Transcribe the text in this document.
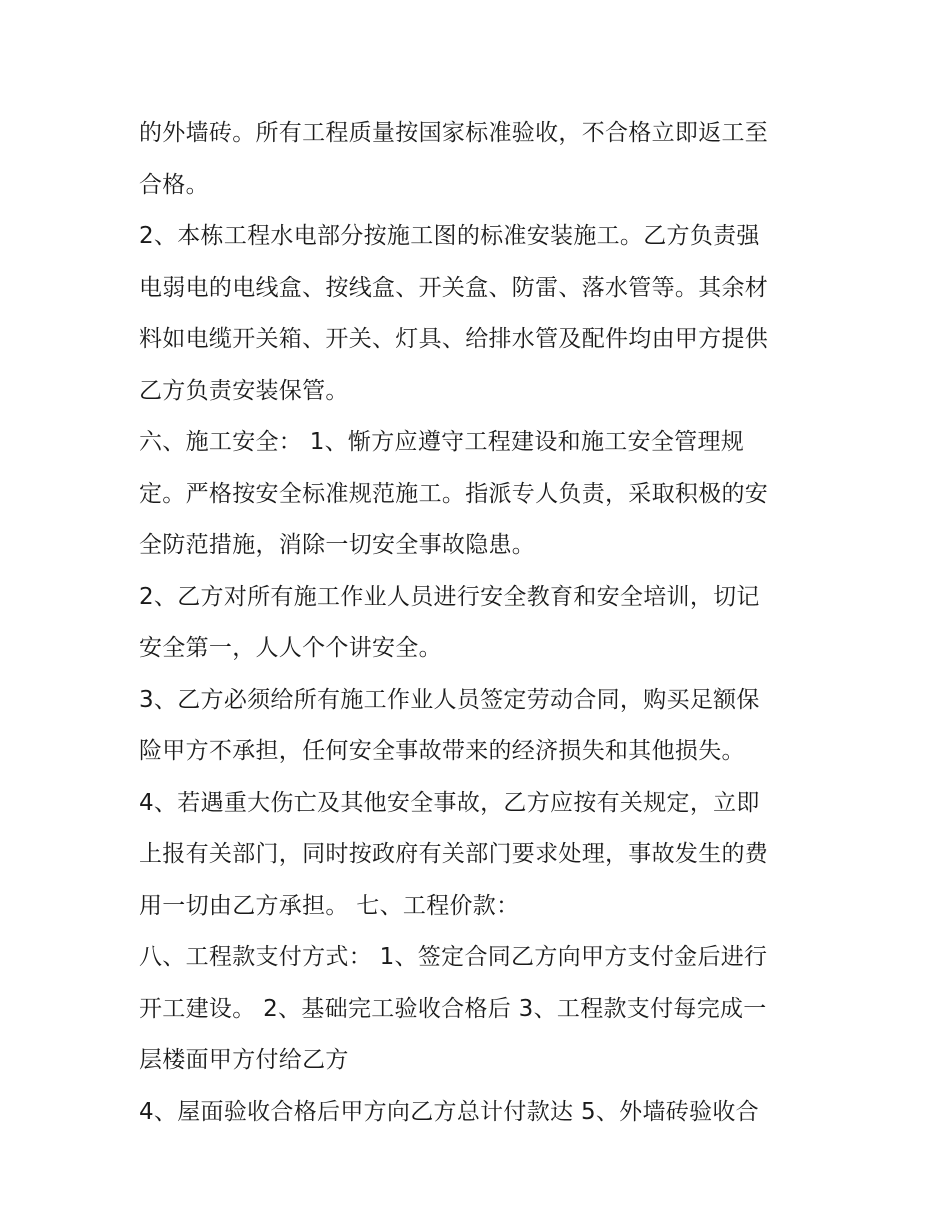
的外墙砖。所有工程质量按国家标准验收，不合格立即返工至
合格。
2、本栋工程水电部分按施工图的标准安装施工。乙方负责强
电弱电的电线盒、按线盒、开关盒、防雷、落水管等。其余材
料如电缆开关箱、开关、灯具、给排水管及配件均由甲方提供
乙方负责安装保管。
六、施工安全： 1、惭方应遵守工程建设和施工安全管理规
定。严格按安全标准规范施工。指派专人负责，采取积极的安
全防范措施，消除一切安全事故隐患。
2、乙方对所有施工作业人员进行安全教育和安全培训，切记
安全第一，人人个个讲安全。
3、乙方必须给所有施工作业人员签定劳动合同，购买足额保
险甲方不承担，任何安全事故带来的经济损失和其他损失。
4、若遇重大伤亡及其他安全事故，乙方应按有关规定，立即
上报有关部门，同时按政府有关部门要求处理，事故发生的费
用一切由乙方承担。 七、工程价款：
八、工程款支付方式： 1、签定合同乙方向甲方支付金后进行
开工建设。 2、基础完工验收合格后 3、工程款支付每完成一
层楼面甲方付给乙方
4、屋面验收合格后甲方向乙方总计付款达 5、外墙砖验收合
